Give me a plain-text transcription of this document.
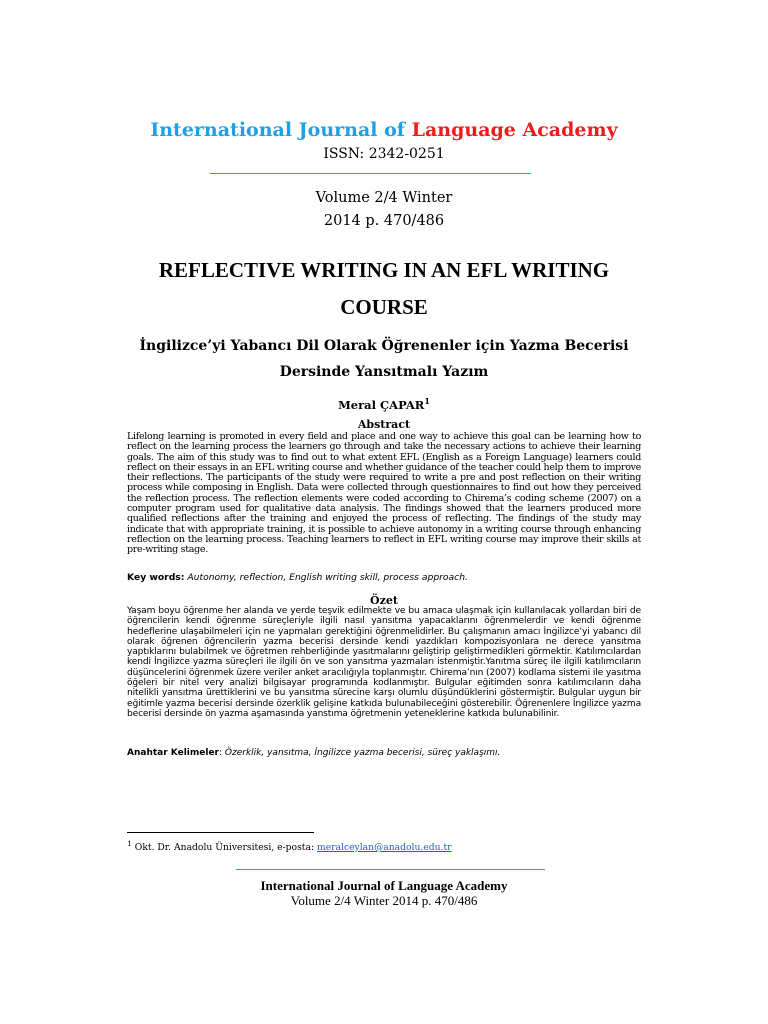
International Journal of Language Academy
ISSN: 2342-0251
Volume 2/4 Winter
2014 p. 470/486
REFLECTIVE WRITING IN AN EFL WRITING
COURSE
İngilizce’yi Yabancı Dil Olarak Öğrenenler için Yazma Becerisi
Dersinde Yansıtmalı Yazım
Meral ÇAPAR$^1$
Abstract

Lifelong learning is promoted in every field and place and one way to achieve this goal can be learning how to reflect on the learning process the learners go through and take the necessary actions to achieve their learning goals. The aim of this study was to find out to what extent EFL (English as a Foreign Language) learners could reflect on their essays in an EFL writing course and whether guidance of the teacher could help them to improve their reflections. The participants of the study were required to write a pre and post reflection on their writing process while composing in English. Data were collected through questionnaires to find out how they perceived the reflection process. The reflection elements were coded according to Chirema’s coding scheme (2007) on a computer program used for qualitative data analysis. The findings showed that the learners produced more qualified reflections after the training and enjoyed the process of reflecting. The findings of the study may indicate that with appropriate training, it is possible to achieve autonomy in a writing course through enhancing reflection on the learning process. Teaching learners to reflect in EFL writing course may improve their skills at pre-writing stage.

Key words: Autonomy, reflection, English writing skill, process approach.
Özet

Yaşam boyu öğrenme her alanda ve yerde teşvik edilmekte ve bu amaca ulaşmak için kullanılacak yollardan biri de öğrencilerin kendi öğrenme süreçleriyle ilgili nasıl yansıtma yapacaklarını öğrenmelerdir ve kendi öğrenme hedeflerine ulaşabilmeleri için ne yapmaları gerektiğini öğrenmelidirler. Bu çalışmanın amacı İngilizce’yi yabancı dil olarak öğrenen öğrencilerin yazma becerisi dersinde kendi yazdıkları kompozisyonlara ne derece yansıtma yaptıklarını bulabilmek ve öğretmen rehberliğinde yasıtmalarını geliştirip geliştirmedikleri görmektir. Katılımcılardan kendi İngilizce yazma süreçleri ile ilgili ön ve son yansıtma yazmaları istenmiştir.Yanıtma süreç ile ilgili katılımcıların düşüncelerini öğrenmek üzere veriler anket aracılığıyla toplanmıştır. Chirema’nın (2007) kodlama sistemi ile yasıtma öğeleri bir nitel very analizi bilgisayar programında kodlanmıştır. Bulgular eğitimden sonra katılımcıların daha nitelikli yansıtma ürettiklerini ve bu yansıtma sürecine karşı olumlu düşündüklerini göstermiştir. Bulgular uygun bir eğitimle yazma becerisi dersinde özerklik gelişine katkıda bulunabileceğini gösterebilir. Öğrenenlere İngilizce yazma becerisi dersinde ön yazma aşamasında yanstıma öğretmenin yeteneklerine katkıda bulunabilinir.

Anahtar Kelimeler: Özerklik, yansıtma, İngilizce yazma becerisi, süreç yaklaşımı.
$^1$ Okt. Dr. Anadolu Üniversitesi, e-posta: meralceylan@anadolu.edu.tr
International Journal of Language Academy
Volume 2/4 Winter 2014 p. 470/486
